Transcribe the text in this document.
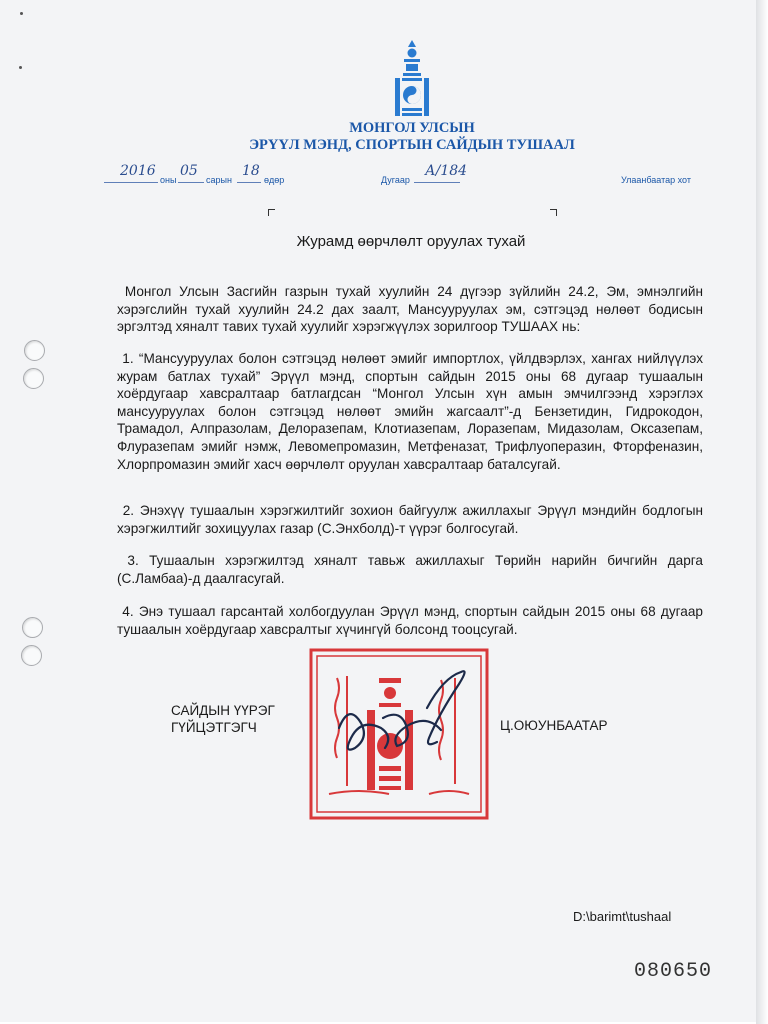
МОНГОЛ УЛСЫН
ЭРҮҮЛ МЭНД, СПОРТЫН САЙДЫН ТУШААЛ
2016
оны
05
сарын
18
өдөр	Дугаар
А/184
Улаанбаатар хот
Журамд өөрчлөлт оруулах тухай
Монгол Улсын Засгийн газрын тухай хуулийн 24 дүгээр зүйлийн 24.2, Эм, эмнэлгийн хэрэгслийн тухай хуулийн 24.2 дах заалт, Мансууруулах эм, сэтгэцэд нөлөөт бодисын эргэлтэд хяналт тавих тухай хуулийг хэрэгжүүлэх зорилгоор ТУШААХ нь:
1. “Мансууруулах болон сэтгэцэд нөлөөт эмийг импортлох, үйлдвэрлэх, хангах нийлүүлэх журам батлах тухай” Эрүүл мэнд, спортын сайдын 2015 оны 68 дугаар тушаалын хоёрдугаар хавсралтаар батлагдсан “Монгол Улсын хүн амын эмчилгээнд хэрэглэх мансууруулах болон сэтгэцэд нөлөөт эмийн жагсаалт”-д Бензетидин, Гидрокодон, Трамадол, Алпразолам, Делоразепам, Клотиазепам, Лоразепам, Мидазолам, Оксазепам, Флуразепам эмийг нэмж, Левомепромазин, Метфеназат, Трифлуоперазин, Фторфеназин, Хлорпромазин эмийг хасч өөрчлөлт оруулан хавсралтаар баталсугай.
2. Энэхүү тушаалын хэрэгжилтийг зохион байгуулж ажиллахыг Эрүүл мэндийн бодлогын хэрэгжилтийг зохицуулах газар (С.Энхболд)-т үүрэг болгосугай.
3. Тушаалын хэрэгжилтэд хяналт тавьж ажиллахыг Төрийн нарийн бичгийн дарга (С.Ламбаа)-д даалгасугай.
4. Энэ тушаал гарсантай холбогдуулан Эрүүл мэнд, спортын сайдын 2015 оны 68 дугаар тушаалын хоёрдугаар хавсралтыг хүчингүй болсонд тооцсугай.
САЙДЫН ҮҮРЭГ
ГҮЙЦЭТГЭГЧ	Ц.ОЮУНБААТАР
D:\barimt\tushaal
080650
